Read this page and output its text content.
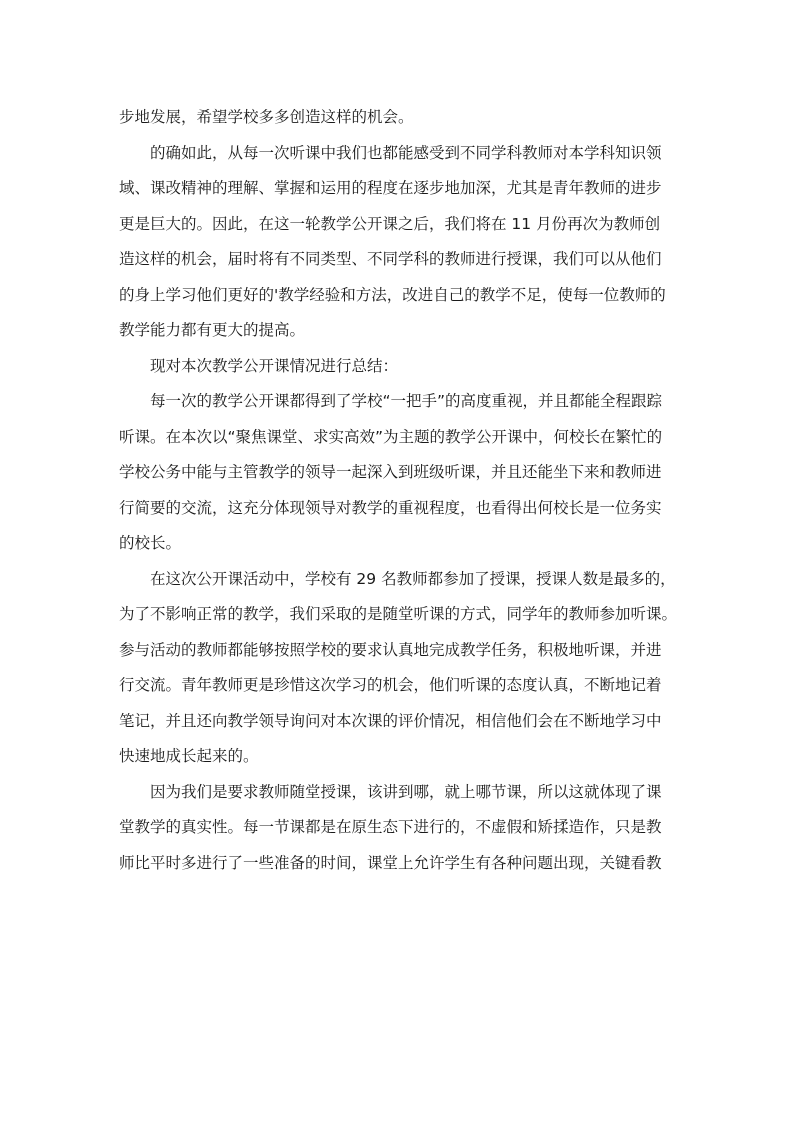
步地发展，希望学校多多创造这样的机会。
的确如此，从每一次听课中我们也都能感受到不同学科教师对本学科知识领
域、课改精神的理解、掌握和运用的程度在逐步地加深，尤其是青年教师的进步
更是巨大的。因此，在这一轮教学公开课之后，我们将在 11 月份再次为教师创
造这样的机会，届时将有不同类型、不同学科的教师进行授课，我们可以从他们
的身上学习他们更好的'教学经验和方法，改进自己的教学不足，使每一位教师的
教学能力都有更大的提高。
现对本次教学公开课情况进行总结：
每一次的教学公开课都得到了学校“一把手”的高度重视，并且都能全程跟踪
听课。在本次以“聚焦课堂、求实高效”为主题的教学公开课中，何校长在繁忙的
学校公务中能与主管教学的领导一起深入到班级听课，并且还能坐下来和教师进
行简要的交流，这充分体现领导对教学的重视程度，也看得出何校长是一位务实
的校长。
在这次公开课活动中，学校有 29 名教师都参加了授课，授课人数是最多的，
为了不影响正常的教学，我们采取的是随堂听课的方式，同学年的教师参加听课。
参与活动的教师都能够按照学校的要求认真地完成教学任务，积极地听课，并进
行交流。青年教师更是珍惜这次学习的机会，他们听课的态度认真，不断地记着
笔记，并且还向教学领导询问对本次课的评价情况，相信他们会在不断地学习中
快速地成长起来的。
因为我们是要求教师随堂授课，该讲到哪，就上哪节课，所以这就体现了课
堂教学的真实性。每一节课都是在原生态下进行的，不虚假和矫揉造作，只是教
师比平时多进行了一些准备的时间，课堂上允许学生有各种问题出现，关键看教
